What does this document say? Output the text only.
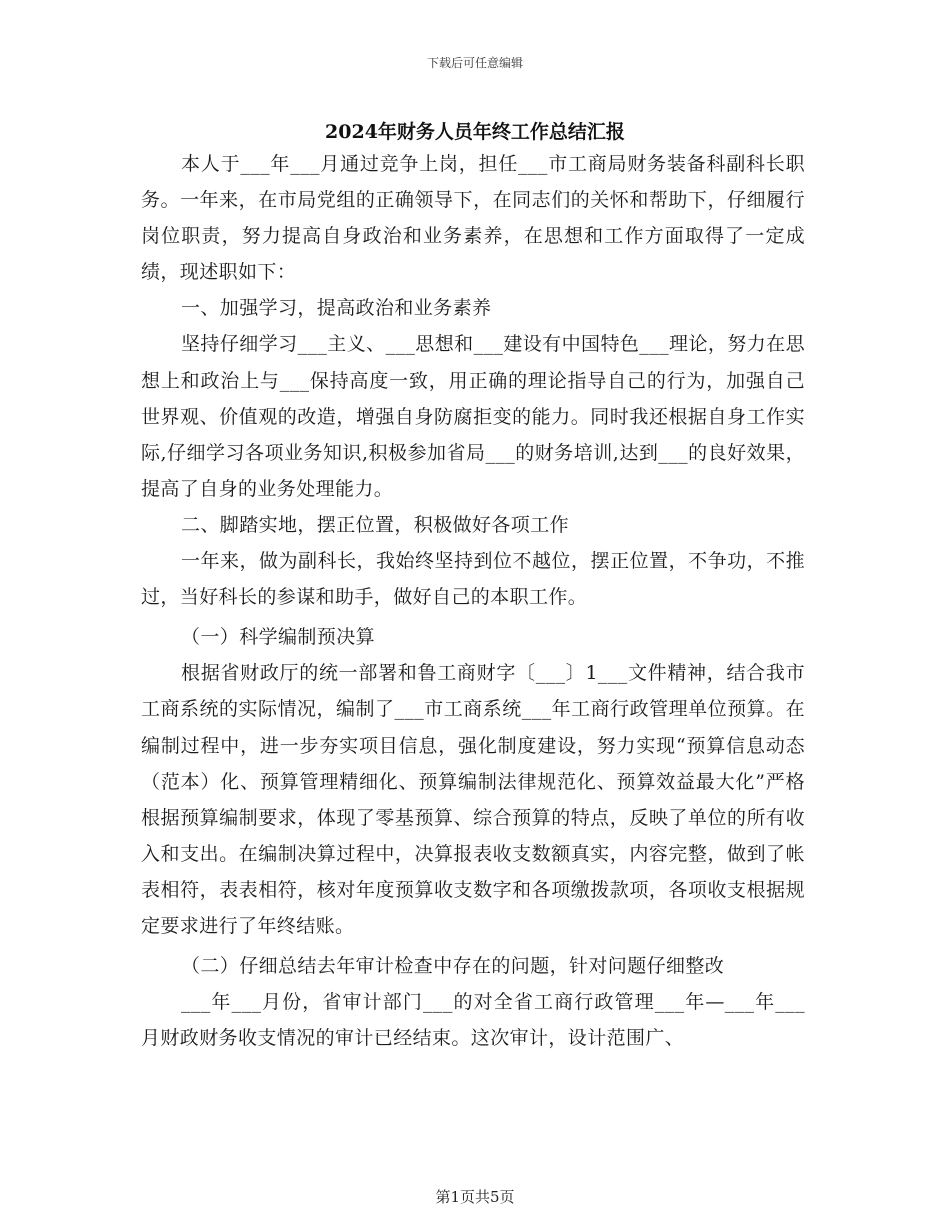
下载后可任意编辑
2024年财务人员年终工作总结汇报

本人于___年___月通过竞争上岗，担任___市工商局财务装备科副科长职务。一年来，在市局党组的正确领导下，在同志们的关怀和帮助下，仔细履行岗位职责，努力提高自身政治和业务素养，在思想和工作方面取得了一定成绩，现述职如下：

一、加强学习，提高政治和业务素养

坚持仔细学习___主义、___思想和___建设有中国特色___理论，努力在思想上和政治上与___保持高度一致，用正确的理论指导自己的行为，加强自己世界观、价值观的改造，增强自身防腐拒变的能力。同时我还根据自身工作实际,仔细学习各项业务知识,积极参加省局___的财务培训,达到___的良好效果，提高了自身的业务处理能力。

二、脚踏实地，摆正位置，积极做好各项工作

一年来，做为副科长，我始终坚持到位不越位，摆正位置，不争功，不推过，当好科长的参谋和助手，做好自己的本职工作。

（一）科学编制预决算

根据省财政厅的统一部署和鲁工商财字〔___〕1___文件精神，结合我市工商系统的实际情况，编制了___市工商系统___年工商行政管理单位预算。在编制过程中，进一步夯实项目信息，强化制度建设，努力实现“预算信息动态（范本）化、预算管理精细化、预算编制法律规范化、预算效益最大化”严格根据预算编制要求，体现了零基预算、综合预算的特点，反映了单位的所有收入和支出。在编制决算过程中，决算报表收支数额真实，内容完整，做到了帐表相符，表表相符，核对年度预算收支数字和各项缴拨款项，各项收支根据规定要求进行了年终结账。

（二）仔细总结去年审计检查中存在的问题，针对问题仔细整改

___年___月份，省审计部门___的对全省工商行政管理___年—___年___月财政财务收支情况的审计已经结束。这次审计，设计范围广、

第1页共5页
